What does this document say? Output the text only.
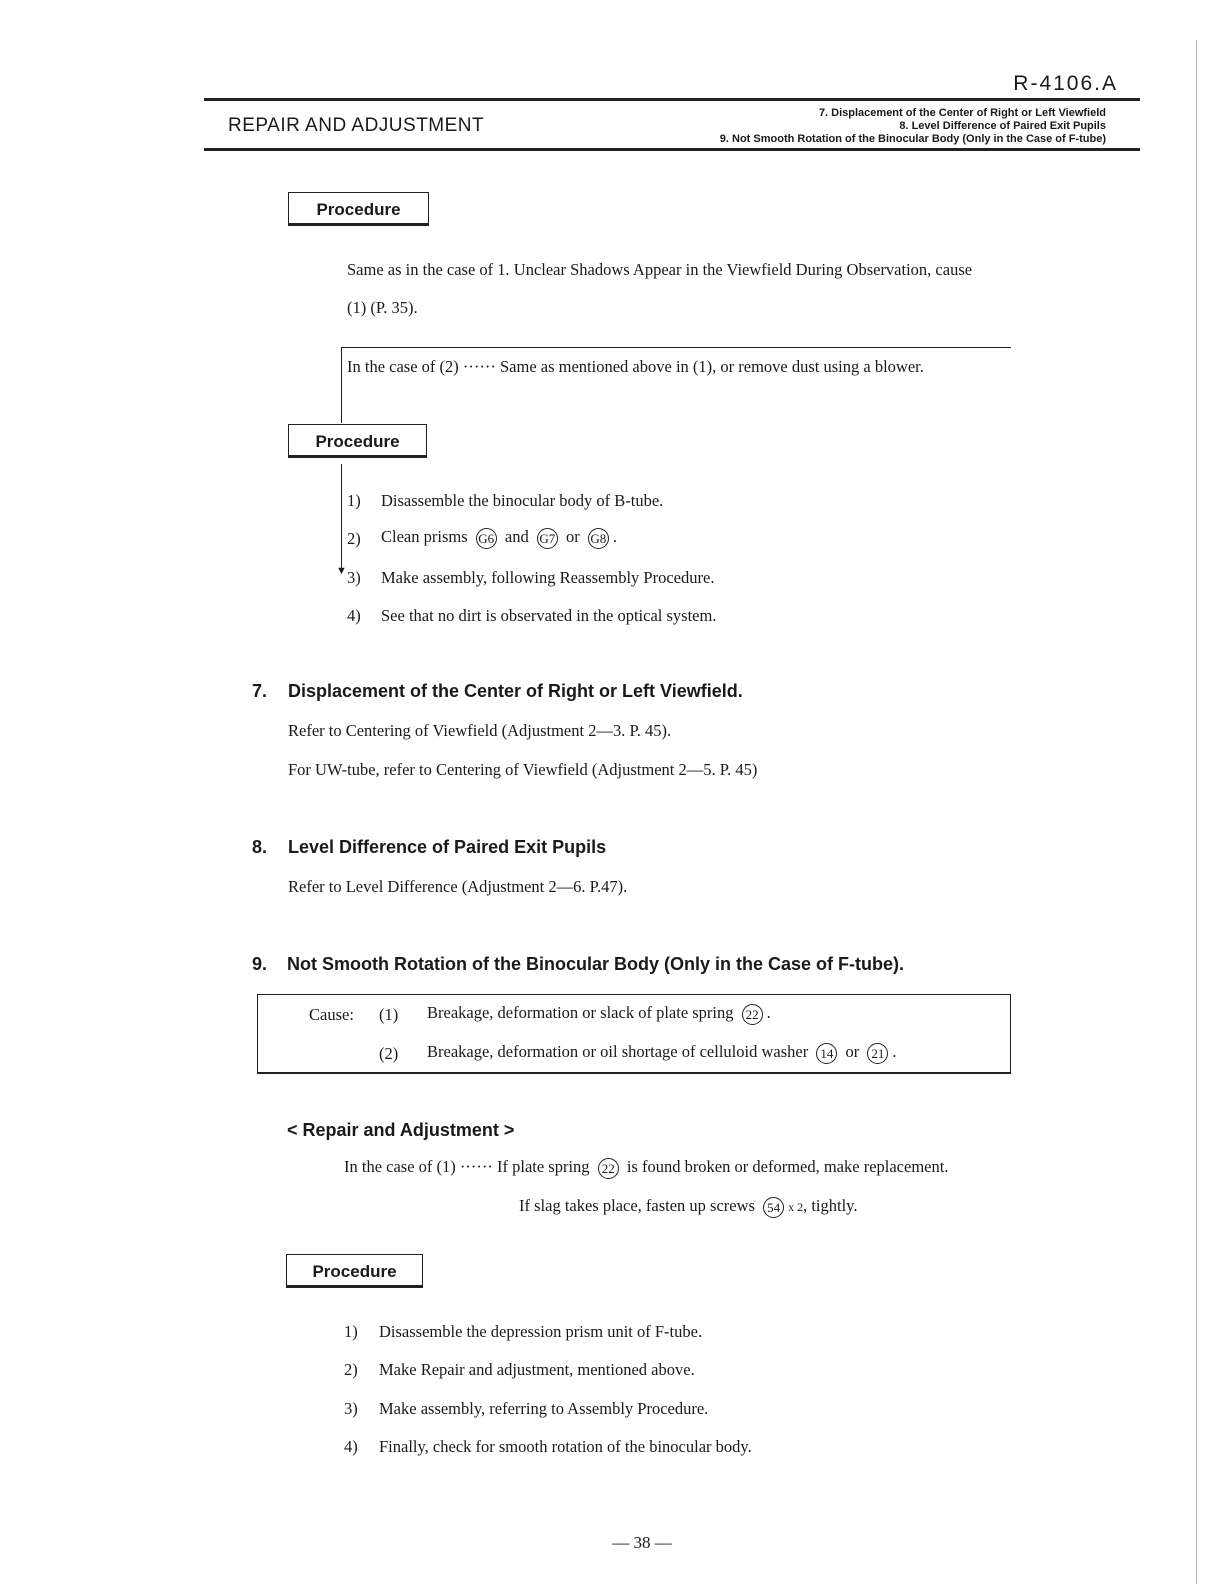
R-4106.A
REPAIR AND ADJUSTMENT
7. Displacement of the Center of Right or Left Viewfield
8. Level Difference of Paired Exit Pupils
9. Not Smooth Rotation of the Binocular Body (Only in the Case of F-tube)
Procedure
Same as in the case of 1. Unclear Shadows Appear in the Viewfield During Observation, cause
(1) (P. 35).
In the case of (2) ······ Same as mentioned above in (1), or remove dust using a blower.
Procedure
▼
1) Disassemble the binocular body of B-tube.
2) Clean prisms G6 and G7 or G8 .
3) Make assembly, following Reassembly Procedure.
4) See that no dirt is observated in the optical system.
7. Displacement of the Center of Right or Left Viewfield.
Refer to Centering of Viewfield (Adjustment 2—3. P. 45).
For UW-tube, refer to Centering of Viewfield (Adjustment 2—5. P. 45)
8. Level Difference of Paired Exit Pupils
Refer to Level Difference (Adjustment 2—6. P.47).
9. Not Smooth Rotation of the Binocular Body (Only in the Case of F-tube).
Cause: (1) Breakage, deformation or slack of plate spring 22 .
(2) Breakage, deformation or oil shortage of celluloid washer 14 or 21 .
< Repair and Adjustment >
In the case of (1) ······ If plate spring 22 is found broken or deformed, make replacement.
If slag takes place, fasten up screws 54 x 2, tightly.
Procedure
1) Disassemble the depression prism unit of F-tube.
2) Make Repair and adjustment, mentioned above.
3) Make assembly, referring to Assembly Procedure.
4) Finally, check for smooth rotation of the binocular body.
— 38 —
